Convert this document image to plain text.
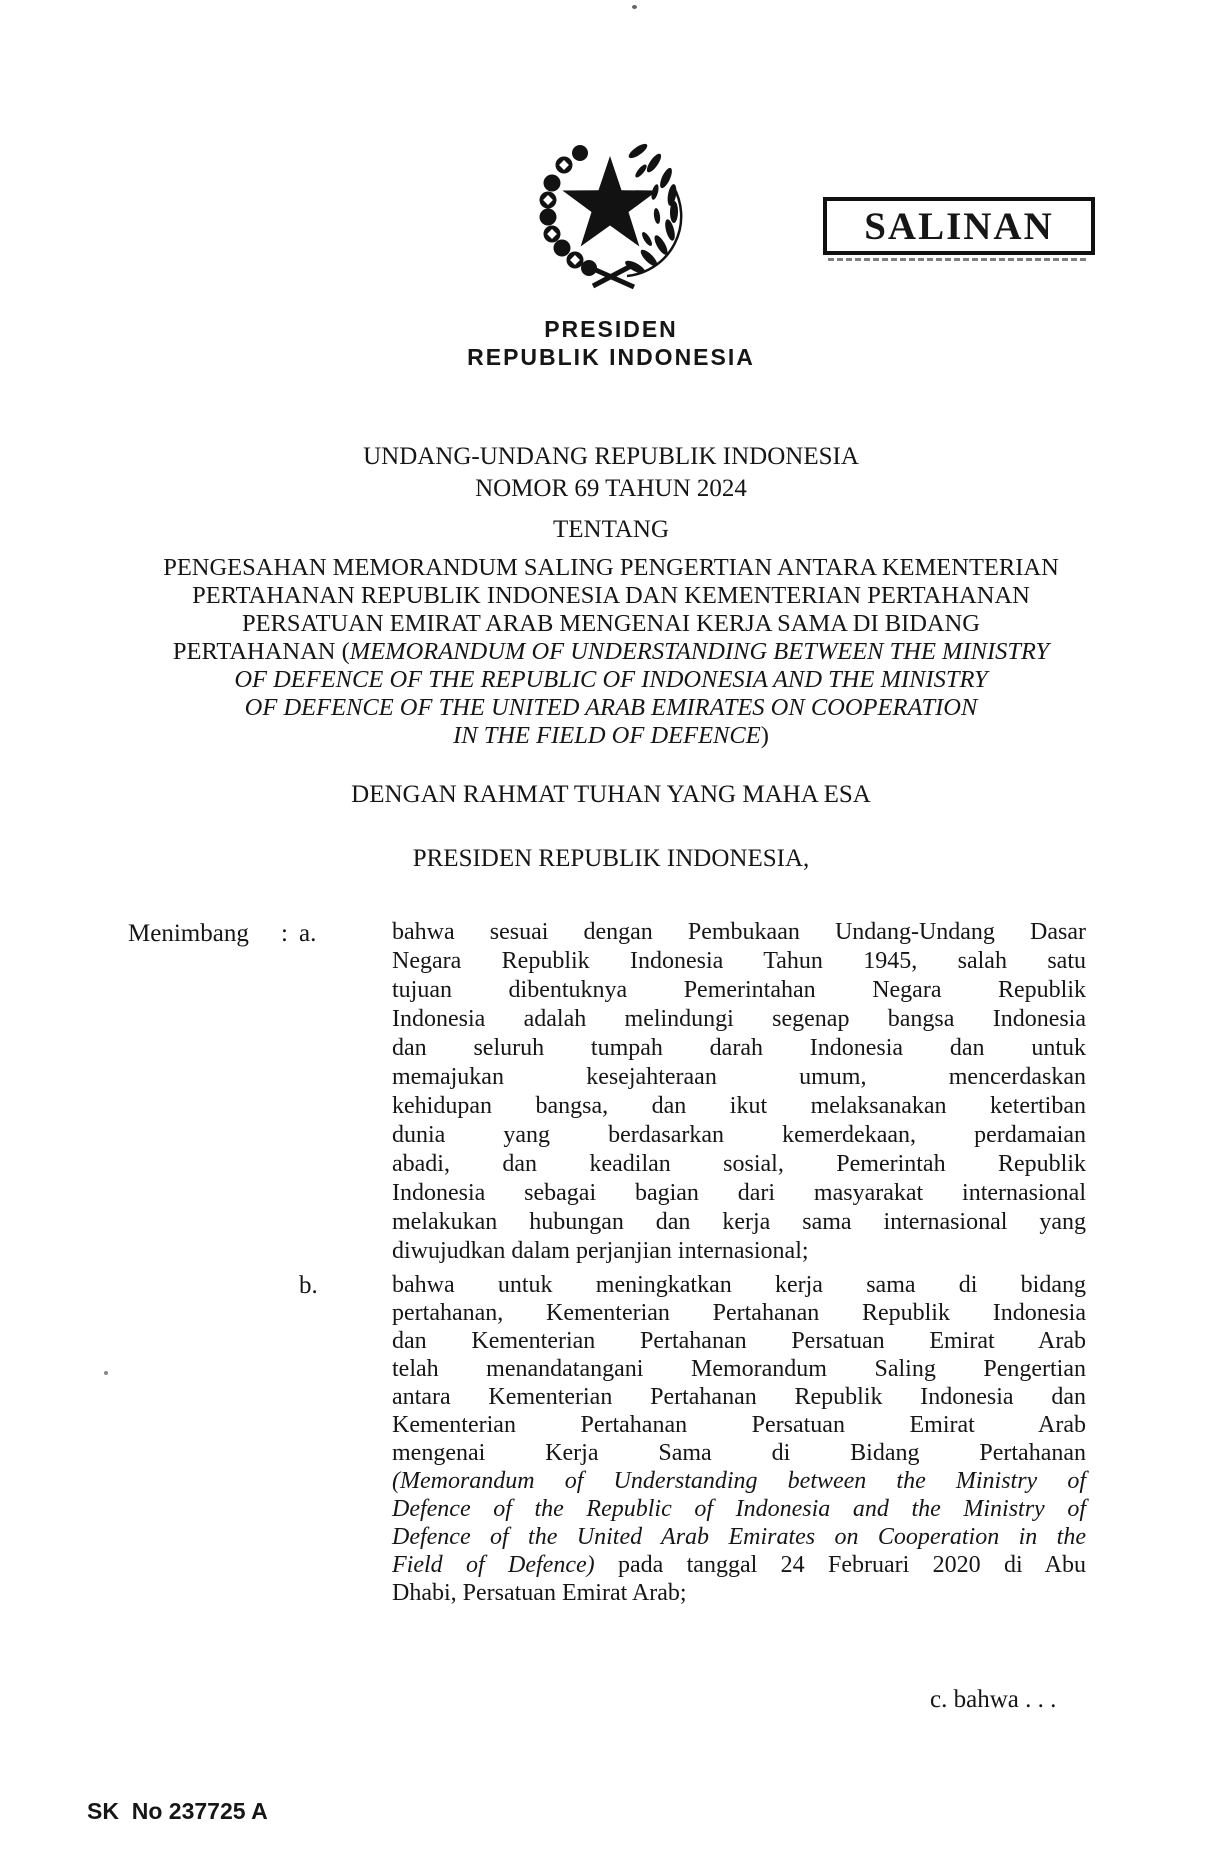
SALINAN
PRESIDEN
REPUBLIK INDONESIA
UNDANG-UNDANG REPUBLIK INDONESIA
NOMOR 69 TAHUN 2024
TENTANG
PENGESAHAN MEMORANDUM SALING PENGERTIAN ANTARA KEMENTERIAN
PERTAHANAN REPUBLIK INDONESIA DAN KEMENTERIAN PERTAHANAN
PERSATUAN EMIRAT ARAB MENGENAI KERJA SAMA DI BIDANG
PERTAHANAN (MEMORANDUM OF UNDERSTANDING BETWEEN THE MINISTRY
OF DEFENCE OF THE REPUBLIC OF INDONESIA AND THE MINISTRY
OF DEFENCE OF THE UNITED ARAB EMIRATES ON COOPERATION
IN THE FIELD OF DEFENCE)
DENGAN RAHMAT TUHAN YANG MAHA ESA
PRESIDEN REPUBLIK INDONESIA,
Menimbang : a.	bahwa sesuai dengan Pembukaan Undang-Undang Dasar
Negara Republik Indonesia Tahun 1945, salah satu
tujuan dibentuknya Pemerintahan Negara Republik
Indonesia adalah melindungi segenap bangsa Indonesia
dan seluruh tumpah darah Indonesia dan untuk
memajukan kesejahteraan umum, mencerdaskan
kehidupan bangsa, dan ikut melaksanakan ketertiban
dunia yang berdasarkan kemerdekaan, perdamaian
abadi, dan keadilan sosial, Pemerintah Republik
Indonesia sebagai bagian dari masyarakat internasional
melakukan hubungan dan kerja sama internasional yang
diwujudkan dalam perjanjian internasional;
b.	bahwa untuk meningkatkan kerja sama di bidang
pertahanan, Kementerian Pertahanan Republik Indonesia
dan Kementerian Pertahanan Persatuan Emirat Arab
telah menandatangani Memorandum Saling Pengertian
antara Kementerian Pertahanan Republik Indonesia dan
Kementerian Pertahanan Persatuan Emirat Arab
mengenai Kerja Sama di Bidang Pertahanan
(Memorandum of Understanding between the Ministry of
Defence of the Republic of Indonesia and the Ministry of
Defence of the United Arab Emirates on Cooperation in the
Field of Defence) pada tanggal 24 Februari 2020 di Abu
Dhabi, Persatuan Emirat Arab;
c. bahwa . . .
SK  No 237725 A
